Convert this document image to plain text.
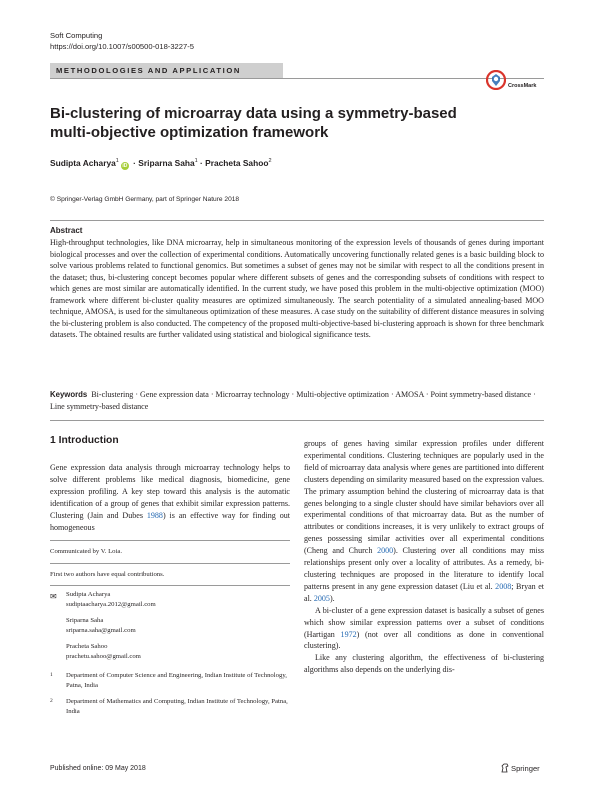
Soft Computing
https://doi.org/10.1007/s00500-018-3227-5
METHODOLOGIES AND APPLICATION
CrossMark
Bi-clustering of microarray data using a symmetry-based multi-objective optimization framework
Sudipta Acharya$^1$iD · Sriparna Saha$^1$ · Pracheta Sahoo$^2$
© Springer-Verlag GmbH Germany, part of Springer Nature 2018
Abstract

High-throughput technologies, like DNA microarray, help in simultaneous monitoring of the expression levels of thousands of genes during important biological processes and over the collection of experimental conditions. Automatically uncovering functionally related genes is a basic building block to solve various problems related to functional genomics. But sometimes a subset of genes may not be similar with respect to all the conditions present in the dataset; thus, bi-clustering concept becomes popular where different subsets of genes and the corresponding subsets of conditions with respect to which genes are most similar are automatically identified. In the current study, we have posed this problem in the multi-objective optimization (MOO) framework where different bi-cluster quality measures are optimized simultaneously. The search potentiality of a simulated annealing-based MOO technique, AMOSA, is used for the simultaneous optimization of these measures. A case study on the suitability of different distance measures in solving the bi-clustering problem is also conducted. The competency of the proposed multi-objective-based bi-clustering approach is shown for three benchmark datasets. The obtained results are further validated using statistical and biological significance tests.

Keywords Bi-clustering · Gene expression data · Microarray technology · Multi-objective optimization · AMOSA · Point symmetry-based distance · Line symmetry-based distance

1 Introduction

Gene expression data analysis through microarray technology helps to solve different problems like medical diagnosis, biomedicine, gene expression profiling. A key step toward this analysis is the automatic identification of a group of genes that exhibit similar expression patterns. Clustering (Jain and Dubes 1988) is an effective way for finding out homogeneous

groups of genes having similar expression profiles under different experimental conditions. Clustering techniques are popularly used in the field of microarray data analysis where genes are partitioned into different clusters depending on similarity measured based on the expression values. The primary assumption behind the clustering of microarray data is that genes belonging to a single cluster should have similar behaviors over all experimental conditions of that microarray data. But as the number of attributes or conditions increases, it is very unlikely to extract groups of genes possessing similar activities over all experimental conditions (Cheng and Church 2000). Clustering over all conditions may miss relationships present only over a locality of attributes. As a remedy, bi-clustering techniques are proposed in the literature to identify local patterns present in any gene expression dataset (Liu et al. 2008; Bryan et al. 2005).

A bi-cluster of a gene expression dataset is basically a subset of genes which show similar expression patterns over a subset of conditions (Hartigan 1972) (not over all conditions as done in conventional clustering).

Like any clustering algorithm, the effectiveness of bi-clustering algorithms also depends on the underlying dis-

Communicated by V. Loia.
First two authors have equal contributions.
✉ Sudipta Acharya
sudiptaacharya.2012@gmail.com
Sriparna Saha
sriparna.saha@gmail.com
Pracheta Sahoo
prachetu.sahoo@gmail.com
1 Department of Computer Science and Engineering, Indian Institute of Technology, Patna, India
2 Department of Mathematics and Computing, Indian Institute of Technology, Patna, India
Published online: 09 May 2018	Springer
